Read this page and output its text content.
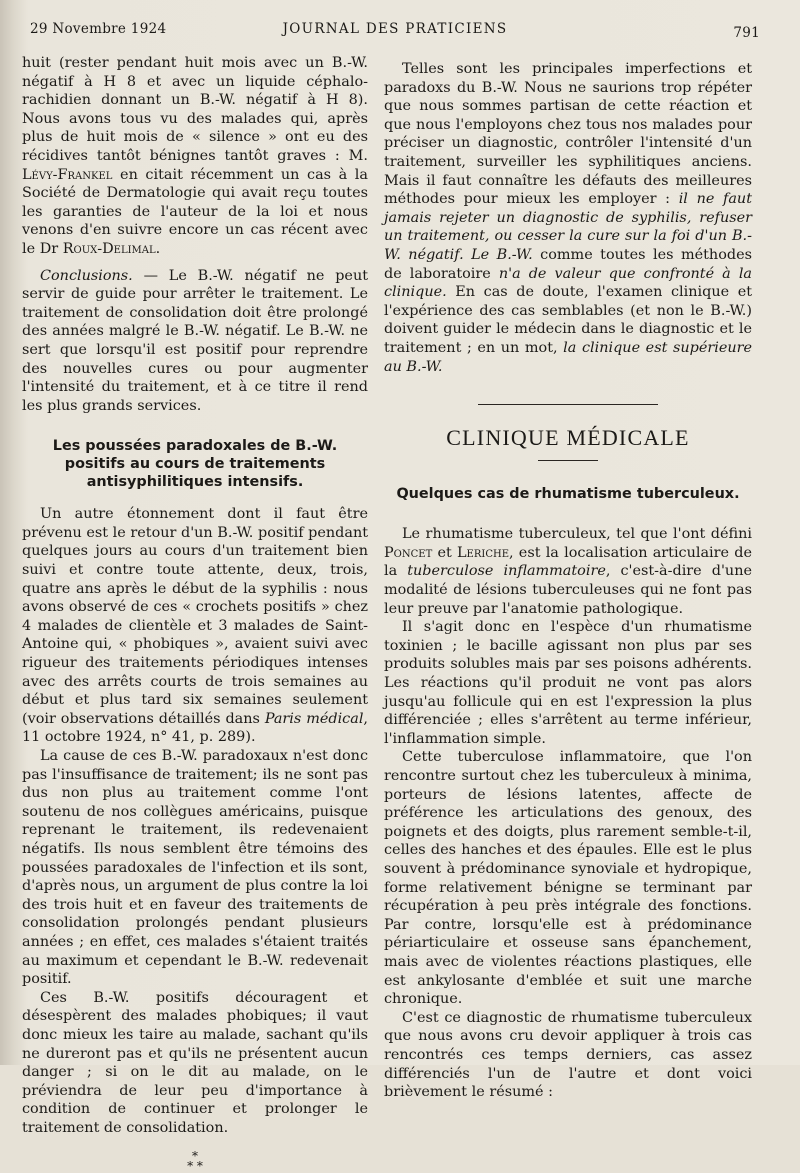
29 Novembre 1924	JOURNAL DES PRATICIENS	791

huit (rester pendant huit mois avec un B.-W. négatif à H 8 et avec un liquide céphalo-rachidien donnant un B.-W. négatif à H 8). Nous avons tous vu des malades qui, après plus de huit mois de « silence » ont eu des récidives tantôt bénignes tantôt graves : M. Lévy-Frankel en citait récemment un cas à la Société de Dermatologie qui avait reçu toutes les garanties de l'auteur de la loi et nous venons d'en suivre encore un cas récent avec le Dr Roux-Delimal.

Conclusions. — Le B.-W. négatif ne peut servir de guide pour arrêter le traitement. Le traitement de consolidation doit être prolongé des années malgré le B.-W. négatif. Le B.-W. ne sert que lorsqu'il est positif pour reprendre des nouvelles cures ou pour augmenter l'intensité du traitement, et à ce titre il rend les plus grands services.

Les poussées paradoxales de B.-W. positifs au cours de traitements antisyphilitiques intensifs.

Un autre étonnement dont il faut être prévenu est le retour d'un B.-W. positif pendant quelques jours au cours d'un traitement bien suivi et contre toute attente, deux, trois, quatre ans après le début de la syphilis : nous avons observé de ces « crochets positifs » chez 4 malades de clientèle et 3 malades de Saint-Antoine qui, « phobiques », avaient suivi avec rigueur des traitements périodiques intenses avec des arrêts courts de trois semaines au début et plus tard six semaines seulement (voir observations détaillés dans Paris médical, 11 octobre 1924, n° 41, p. 289).

La cause de ces B.-W. paradoxaux n'est donc pas l'insuffisance de traitement; ils ne sont pas dus non plus au traitement comme l'ont soutenu de nos collègues américains, puisque reprenant le traitement, ils redevenaient négatifs. Ils nous semblent être témoins des poussées paradoxales de l'infection et ils sont, d'après nous, un argument de plus contre la loi des trois huit et en faveur des traitements de consolidation prolongés pendant plusieurs années ; en effet, ces malades s'étaient traités au maximum et cependant le B.-W. redevenait positif.

Ces B.-W. positifs découragent et désespèrent des malades phobiques; il vaut donc mieux les taire au malade, sachant qu'ils ne dureront pas et qu'ils ne présentent aucun danger ; si on le dit au malade, on le préviendra de leur peu d'importance à condition de continuer et prolonger le traitement de consolidation.

*
* *

Telles sont les principales imperfections et paradoxs du B.-W. Nous ne saurions trop répéter que nous sommes partisan de cette réaction et que nous l'employons chez tous nos malades pour préciser un diagnostic, contrôler l'intensité d'un traitement, surveiller les syphilitiques anciens. Mais il faut connaître les défauts des meilleures méthodes pour mieux les employer : il ne faut jamais rejeter un diagnostic de syphilis, refuser un traitement, ou cesser la cure sur la foi d'un B.-W. négatif. Le B.-W. comme toutes les méthodes de laboratoire n'a de valeur que confronté à la clinique. En cas de doute, l'examen clinique et l'expérience des cas semblables (et non le B.-W.) doivent guider le médecin dans le diagnostic et le traitement ; en un mot, la clinique est supérieure au B.-W.

CLINIQUE MÉDICALE
Quelques cas de rhumatisme tuberculeux.

Le rhumatisme tuberculeux, tel que l'ont défini Poncet et Leriche, est la localisation articulaire de la tuberculose inflammatoire, c'est-à-dire d'une modalité de lésions tuberculeuses qui ne font pas leur preuve par l'anatomie pathologique.

Il s'agit donc en l'espèce d'un rhumatisme toxinien ; le bacille agissant non plus par ses produits solubles mais par ses poisons adhérents. Les réactions qu'il produit ne vont pas alors jusqu'au follicule qui en est l'expression la plus différenciée ; elles s'arrêtent au terme inférieur, l'inflammation simple.

Cette tuberculose inflammatoire, que l'on rencontre surtout chez les tuberculeux à minima, porteurs de lésions latentes, affecte de préférence les articulations des genoux, des poignets et des doigts, plus rarement semble-t-il, celles des hanches et des épaules. Elle est le plus souvent à prédominance synoviale et hydropique, forme relativement bénigne se terminant par récupération à peu près intégrale des fonctions. Par contre, lorsqu'elle est à prédominance périarticulaire et osseuse sans épanchement, mais avec de violentes réactions plastiques, elle est ankylosante d'emblée et suit une marche chronique.

C'est ce diagnostic de rhumatisme tuberculeux que nous avons cru devoir appliquer à trois cas rencontrés ces temps derniers, cas assez différenciés l'un de l'autre et dont voici brièvement le résumé :
